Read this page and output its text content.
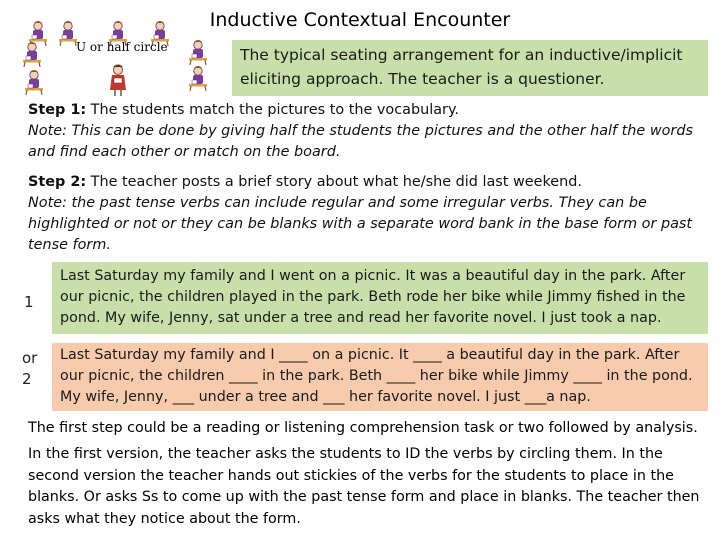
Inductive Contextual Encounter
U or half circle	The typical seating arrangement for an inductive/implicit eliciting approach. The teacher is a questioner.
Step 1: The students match the pictures to the vocabulary.
Note: This can be done by giving half the students the pictures and the other half the words and find each other or match on the board.
Step 2: The teacher posts a brief story about what he/she did last weekend.
Note: the past tense verbs can include regular and some irregular verbs. They can be highlighted or not or they can be blanks with a separate word bank in the base form or past tense form.
1
Last Saturday my family and I went on a picnic. It was a beautiful day in the park. After our picnic, the children played in the park. Beth rode her bike while Jimmy fished in the pond. My wife, Jenny, sat under a tree and read her favorite novel. I just took a nap.
or 2
Last Saturday my family and I ____ on a picnic. It ____ a beautiful day in the park. After our picnic, the children ____ in the park. Beth ____ her bike while Jimmy ____ in the pond. My wife, Jenny, ___ under a tree and ___ her favorite novel. I just ___a nap.
The first step could be a reading or listening comprehension task or two followed by analysis.
In the first version, the teacher asks the students to ID the verbs by circling them. In the second version the teacher hands out stickies of the verbs for the students to place in the blanks. Or asks Ss to come up with the past tense form and place in blanks. The teacher then asks what they notice about the form.
